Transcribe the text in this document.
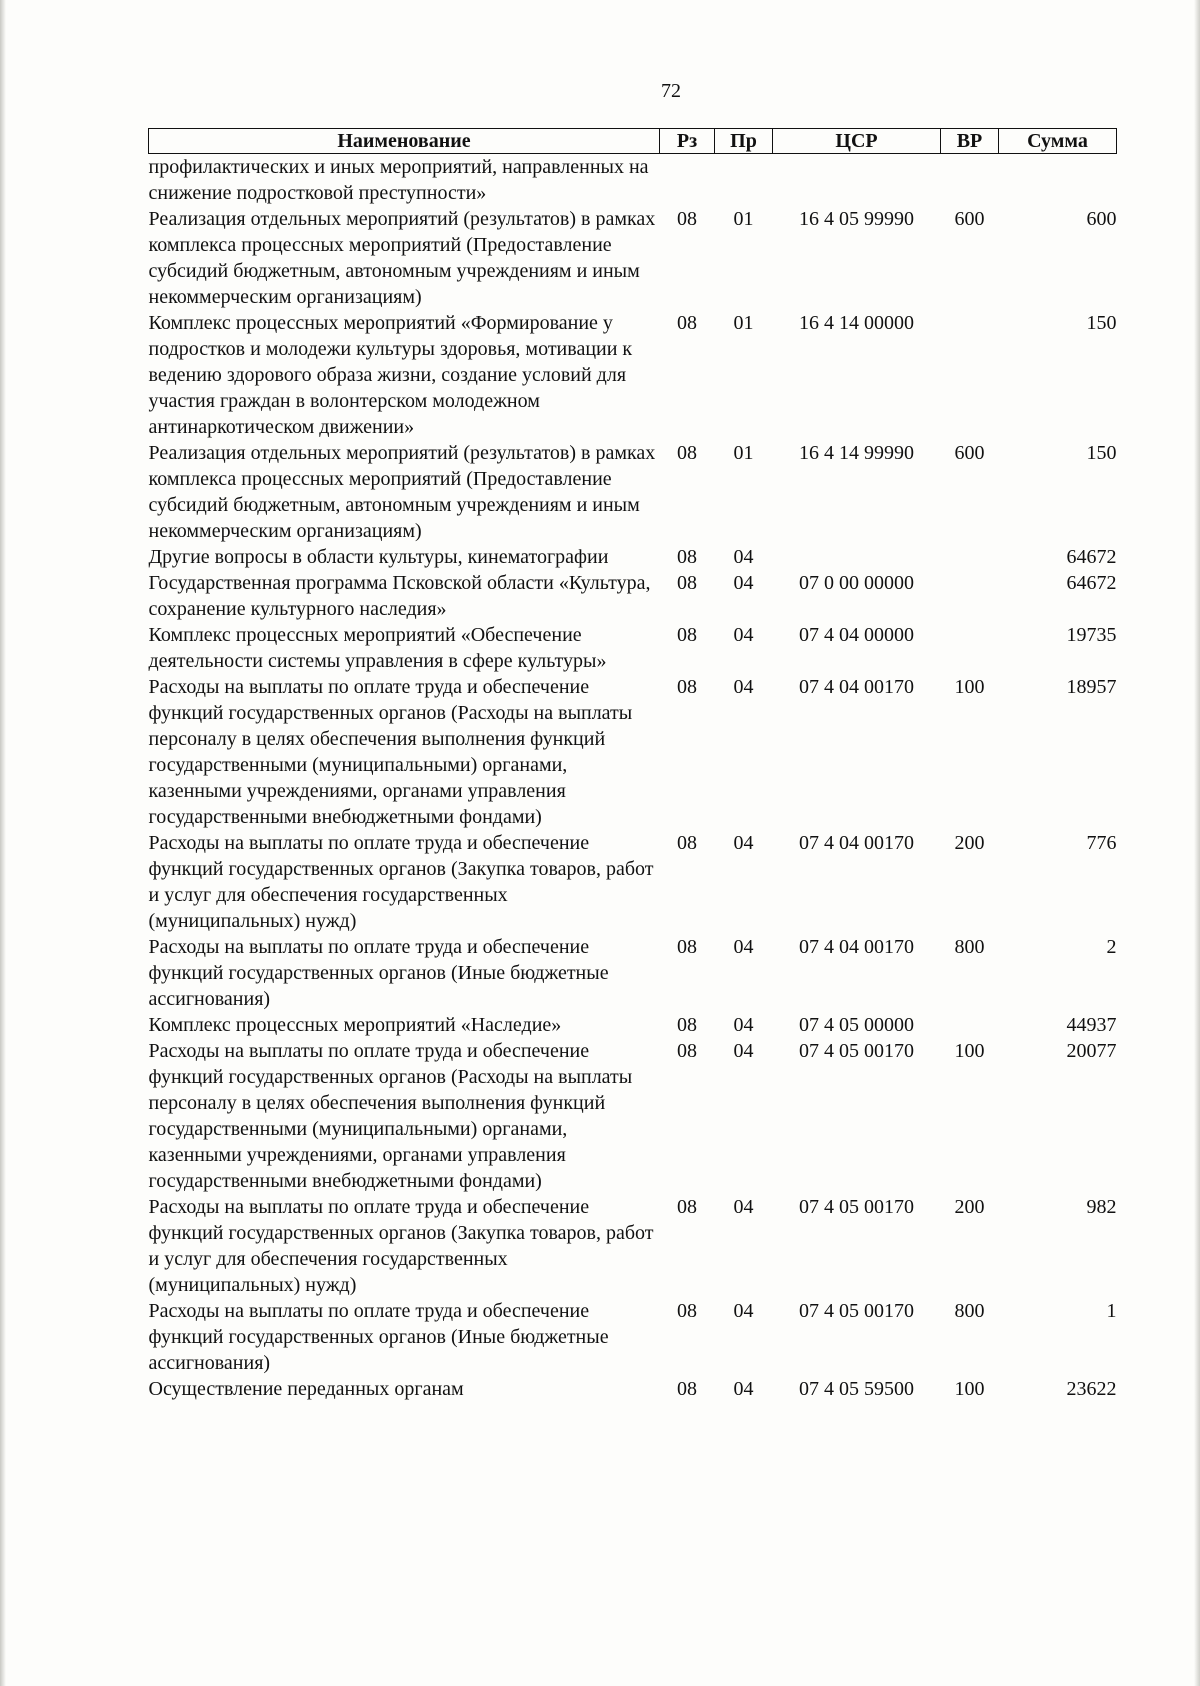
72
Наименование	Рз	Пр	ЦСР	ВР	Сумма
профилактических и иных мероприятий, направленных на снижение подростковой преступности»					
Реализация отдельных мероприятий (результатов) в рамках комплекса процессных мероприятий (Предоставление субсидий бюджетным, автономным учреждениям и иным некоммерческим организациям)	08	01	16 4 05 99990	600	600
Комплекс процессных мероприятий «Формирование у подростков и молодежи культуры здоровья, мотивации к ведению здорового образа жизни, создание условий для участия граждан в волонтерском молодежном антинаркотическом движении»	08	01	16 4 14 00000		150
Реализация отдельных мероприятий (результатов) в рамках комплекса процессных мероприятий (Предоставление субсидий бюджетным, автономным учреждениям и иным некоммерческим организациям)	08	01	16 4 14 99990	600	150
Другие вопросы в области культуры, кинематографии	08	04			64672
Государственная программа Псковской области «Культура, сохранение культурного наследия»	08	04	07 0 00 00000		64672
Комплекс процессных мероприятий «Обеспечение деятельности системы управления в сфере культуры»	08	04	07 4 04 00000		19735
Расходы на выплаты по оплате труда и обеспечение функций государственных органов (Расходы на выплаты персоналу в целях обеспечения выполнения функций государственными (муниципальными) органами, казенными учреждениями, органами управления государственными внебюджетными фондами)	08	04	07 4 04 00170	100	18957
Расходы на выплаты по оплате труда и обеспечение функций государственных органов (Закупка товаров, работ и услуг для обеспечения государственных (муниципальных) нужд)	08	04	07 4 04 00170	200	776
Расходы на выплаты по оплате труда и обеспечение функций государственных органов (Иные бюджетные ассигнования)	08	04	07 4 04 00170	800	2
Комплекс процессных мероприятий «Наследие»	08	04	07 4 05 00000		44937
Расходы на выплаты по оплате труда и обеспечение функций государственных органов (Расходы на выплаты персоналу в целях обеспечения выполнения функций государственными (муниципальными) органами, казенными учреждениями, органами управления государственными внебюджетными фондами)	08	04	07 4 05 00170	100	20077
Расходы на выплаты по оплате труда и обеспечение функций государственных органов (Закупка товаров, работ и услуг для обеспечения государственных (муниципальных) нужд)	08	04	07 4 05 00170	200	982
Расходы на выплаты по оплате труда и обеспечение функций государственных органов (Иные бюджетные ассигнования)	08	04	07 4 05 00170	800	1
Осуществление переданных органам	08	04	07 4 05 59500	100	23622
